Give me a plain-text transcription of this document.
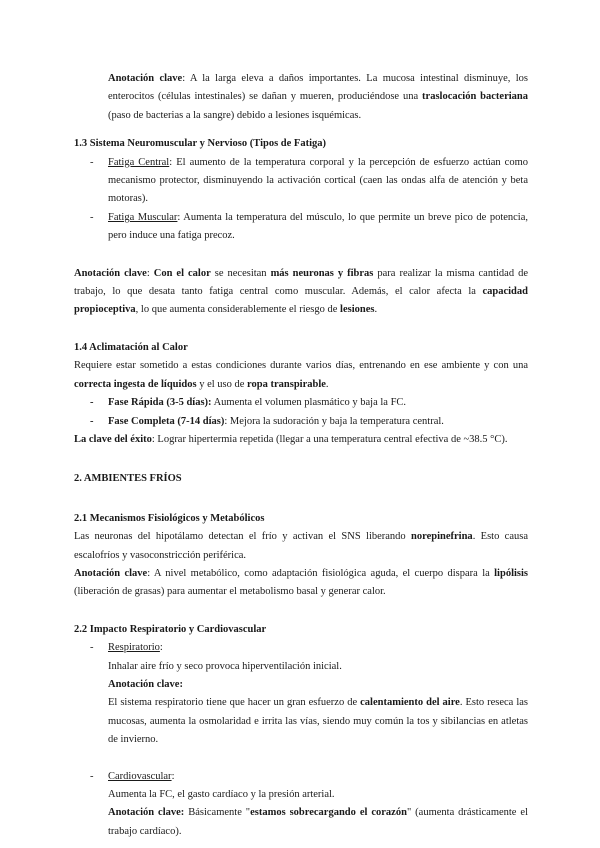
Anotación clave: A la larga eleva a daños importantes. La mucosa intestinal disminuye, los enterocitos (células intestinales) se dañan y mueren, produciéndose una traslocación bacteriana (paso de bacterias a la sangre) debido a lesiones isquémicas.

1.3 Sistema Neuromuscular y Nervioso (Tipos de Fatiga)

- Fatiga Central: El aumento de la temperatura corporal y la percepción de esfuerzo actúan como mecanismo protector, disminuyendo la activación cortical (caen las ondas alfa de atención y beta motoras).
- Fatiga Muscular: Aumenta la temperatura del músculo, lo que permite un breve pico de potencia, pero induce una fatiga precoz.

Anotación clave: Con el calor se necesitan más neuronas y fibras para realizar la misma cantidad de trabajo, lo que desata tanto fatiga central como muscular. Además, el calor afecta la capacidad propioceptiva, lo que aumenta considerablemente el riesgo de lesiones.

1.4 Aclimatación al Calor

Requiere estar sometido a estas condiciones durante varios días, entrenando en ese ambiente y con una correcta ingesta de líquidos y el uso de ropa transpirable.

- Fase Rápida (3-5 días): Aumenta el volumen plasmático y baja la FC.
- Fase Completa (7-14 días): Mejora la sudoración y baja la temperatura central.

La clave del éxito: Lograr hipertermia repetida (llegar a una temperatura central efectiva de ~38.5 °C).

2. AMBIENTES FRÍOS

2.1 Mecanismos Fisiológicos y Metabólicos

Las neuronas del hipotálamo detectan el frío y activan el SNS liberando norepinefrina. Esto causa escalofríos y vasoconstricción periférica.

Anotación clave: A nivel metabólico, como adaptación fisiológica aguda, el cuerpo dispara la lipólisis (liberación de grasas) para aumentar el metabolismo basal y generar calor.

2.2 Impacto Respiratorio y Cardiovascular

- Respiratorio:
Inhalar aire frío y seco provoca hiperventilación inicial.
Anotación clave:
El sistema respiratorio tiene que hacer un gran esfuerzo de calentamiento del aire. Esto reseca las mucosas, aumenta la osmolaridad e irrita las vías, siendo muy común la tos y sibilancias en atletas de invierno.
- Cardiovascular:
Aumenta la FC, el gasto cardíaco y la presión arterial.
Anotación clave: Básicamente "estamos sobrecargando el corazón" (aumenta drásticamente el trabajo cardíaco).
